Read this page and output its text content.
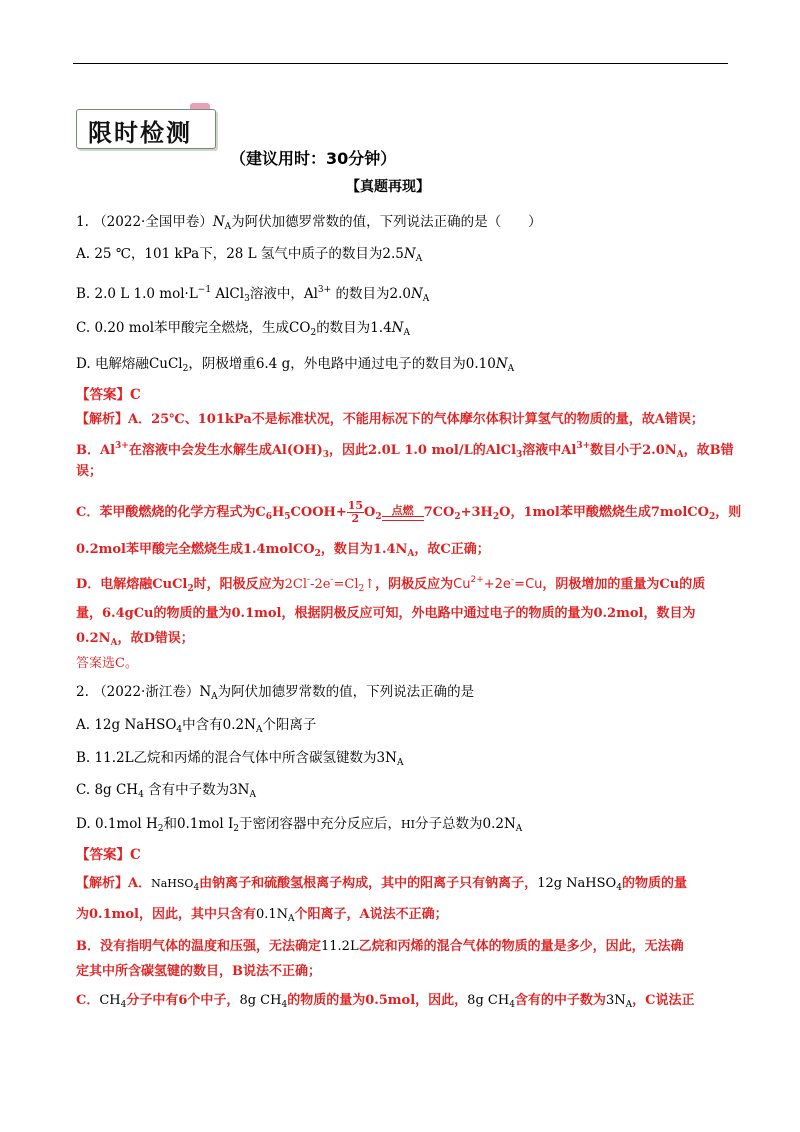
限时检测
（建议用时：30分钟）
【真题再现】
1. （2022·全国甲卷）$N_A$为阿伏加德罗常数的值，下列说法正确的是（　　）
A. 25 ℃，101 kPa下，28 L 氢气中质子的数目为$2.5N_A$
B. 2.0 L 1.0 $mol\cdot L^{-1}$ AlCl$_3$溶液中，$Al^{3+}$ 的数目为$2.0N_A$
C. 0.20 mol苯甲酸完全燃烧，生成$CO_2$的数目为$1.4N_A$
D. 电解熔融CuCl$_2$，阴极增重6.4 g，外电路中通过电子的数目为$0.10N_A$
【答案】C
【解析】A．25℃、101kPa不是标准状况，不能用标况下的气体摩尔体积计算氢气的物质的量，故A错误；
B．$Al^{3+}$在溶液中会发生水解生成$Al(OH)_3$，因此2.0L 1.0 mol/L的AlCl$_3$溶液中$Al^{3+}$数目小于$2.0N_A$，故B错
误；
C．苯甲酸燃烧的化学方程式为$C_6H_5COOH+ \frac{15}{2} O_2$
点燃 $7CO_2+3H_2O$，1mol苯甲酸燃烧生成7molCO$_2$，则
0.2mol苯甲酸完全燃烧生成1.4molCO$_2$，数目为$1.4N_A$，故C正确；
D．电解熔融CuCl$_2$时，阳极反应为$2Cl^--2e^-=Cl_2↑$，阴极反应为$Cu^{2+}+2e^-=Cu$，阴极增加的重量为Cu的质
量，6.4gCu的物质的量为0.1mol，根据阴极反应可知，外电路中通过电子的物质的量为0.2mol，数目为
$0.2N_A$，故D错误；
答案选C。
2. （2022·浙江卷）$N_A$为阿伏加德罗常数的值，下列说法正确的是
A. 12g NaHSO$_4$中含有$0.2N_A$个阳离子
B. 11.2L乙烷和丙烯的混合气体中所含碳氢键数为$3N_A$
C. 8g $CH_4$ 含有中子数为$3N_A$
D. 0.1mol $H_2$和0.1mol $I_2$于密闭容器中充分反应后，HI分子总数为$0.2N_A$
【答案】C
【解析】A．NaHSO$_4$由钠离子和硫酸氢根离子构成，其中的阳离子只有钠离子，12g NaHSO$_4$的物质的量
为0.1mol，因此，其中只含有$0.1N_A$个阳离子，A说法不正确；
B．没有指明气体的温度和压强，无法确定11.2L乙烷和丙烯的混合气体的物质的量是多少，因此，无法确
定其中所含碳氢键的数目，B说法不正确；
C．$CH_4$分子中有6个中子，8g $CH_4$的物质的量为0.5mol，因此，8g $CH_4$含有的中子数为$3N_A$，C说法正
